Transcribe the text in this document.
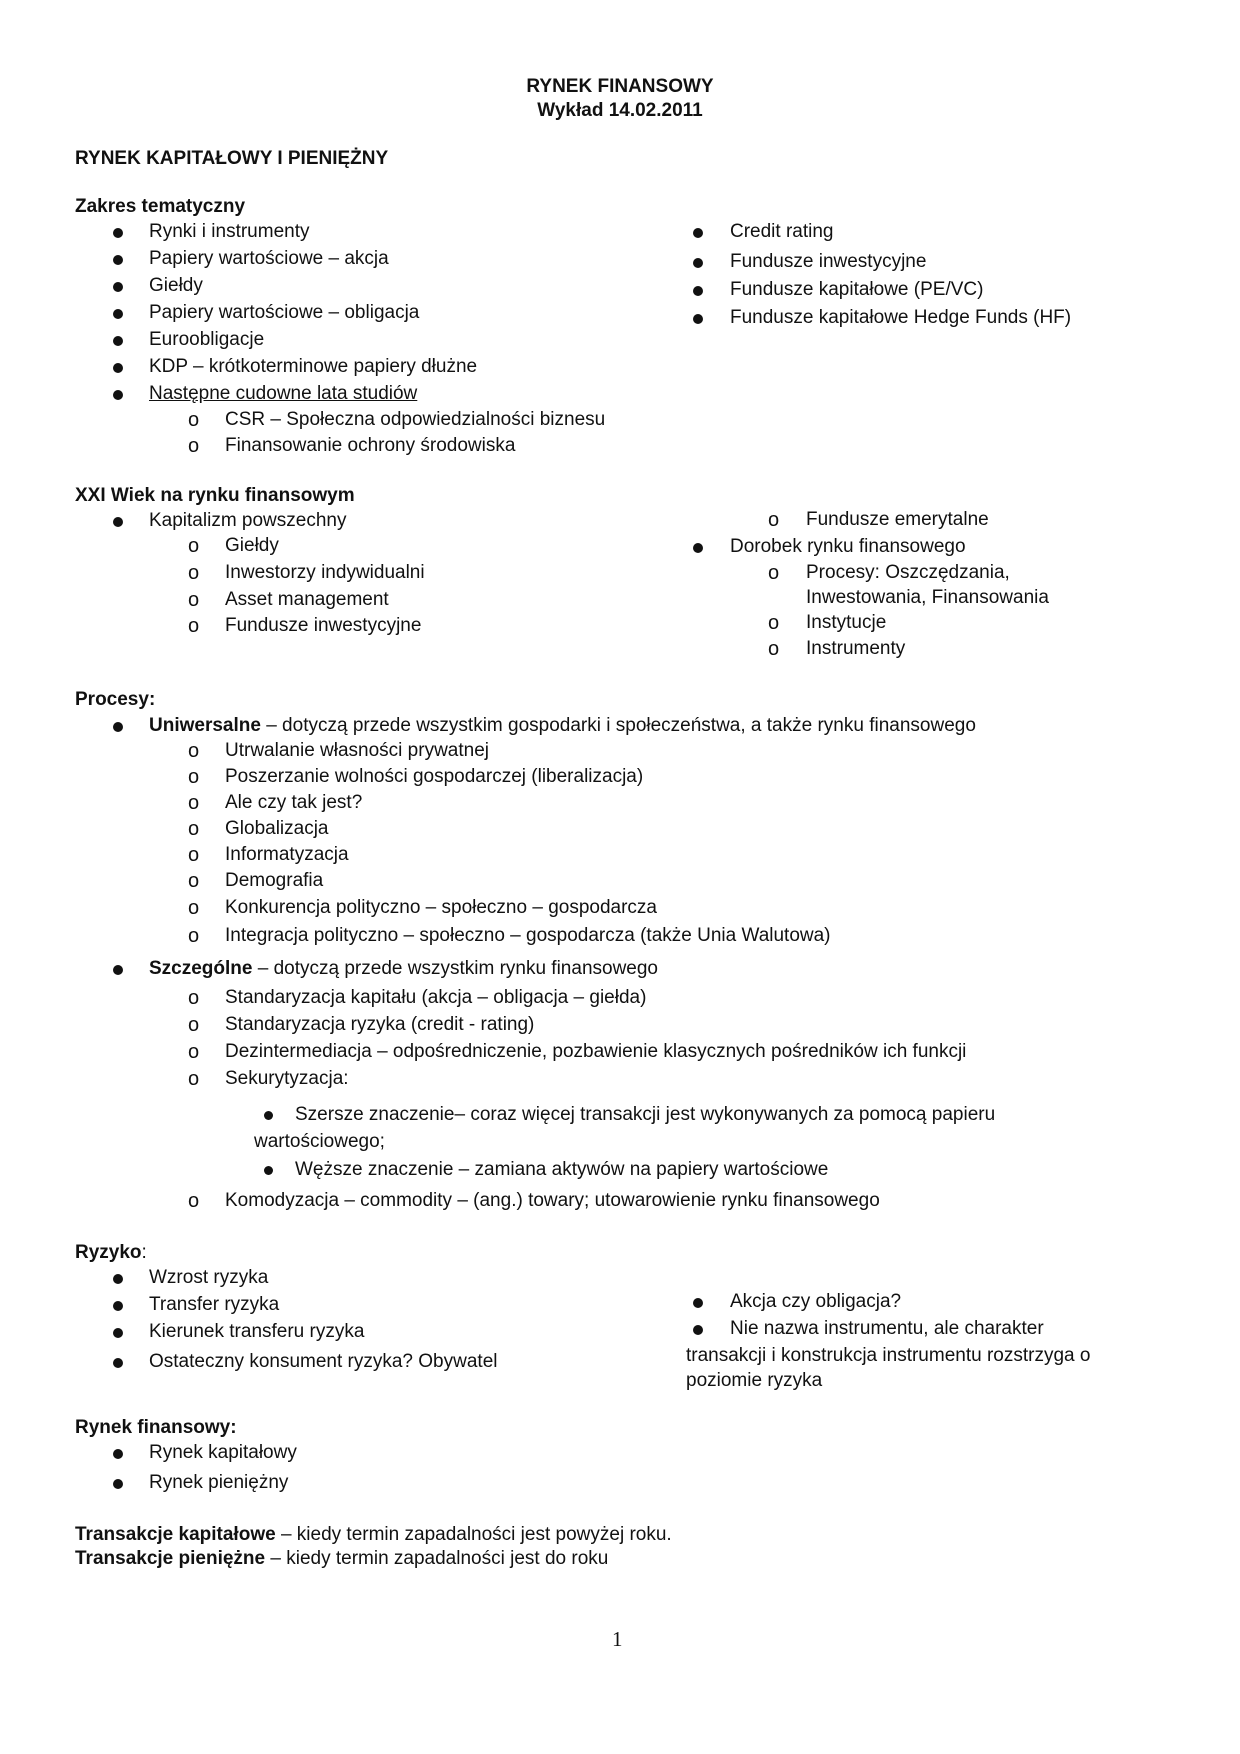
RYNEK FINANSOWY
Wykład 14.02.2011
RYNEK KAPITAŁOWY I PIENIĘŻNY
Zakres tematyczny
Rynki i instrumenty
Papiery wartościowe – akcja
Giełdy
Papiery wartościowe – obligacja
Euroobligacje
KDP – krótkoterminowe papiery dłużne
Następne cudowne lata studiów
o CSR – Społeczna odpowiedzialności biznesu
o Finansowanie ochrony środowiska
Credit rating
Fundusze inwestycyjne
Fundusze kapitałowe (PE/VC)
Fundusze kapitałowe Hedge Funds (HF)
XXI Wiek na rynku finansowym
Kapitalizm powszechny
o Giełdy
o Inwestorzy indywidualni
o Asset management
o Fundusze inwestycyjne
o Fundusze emerytalne
Dorobek rynku finansowego
o Procesy: Oszczędzania,
Inwestowania, Finansowania
o Instytucje
o Instrumenty
Procesy:
Uniwersalne – dotyczą przede wszystkim gospodarki i społeczeństwa, a także rynku finansowego
o Utrwalanie własności prywatnej
o Poszerzanie wolności gospodarczej (liberalizacja)
o Ale czy tak jest?
o Globalizacja
o Informatyzacja
o Demografia
o Konkurencja polityczno – społeczno – gospodarcza
o Integracja polityczno – społeczno – gospodarcza (także Unia Walutowa)
Szczególne – dotyczą przede wszystkim rynku finansowego
o Standaryzacja kapitału (akcja – obligacja – giełda)
o Standaryzacja ryzyka (credit - rating)
o Dezintermediacja – odpośredniczenie, pozbawienie klasycznych pośredników ich funkcji
o Sekurytyzacja:
Szersze znaczenie– coraz więcej transakcji jest wykonywanych za pomocą papieru
wartościowego;
Węższe znaczenie – zamiana aktywów na papiery wartościowe
o Komodyzacja – commodity – (ang.) towary; utowarowienie rynku finansowego
Ryzyko:
Wzrost ryzyka
Transfer ryzyka
Kierunek transferu ryzyka
Ostateczny konsument ryzyka? Obywatel
Akcja czy obligacja?
Nie nazwa instrumentu, ale charakter
transakcji i konstrukcja instrumentu rozstrzyga o
poziomie ryzyka
Rynek finansowy:
Rynek kapitałowy
Rynek pieniężny
Transakcje kapitałowe – kiedy termin zapadalności jest powyżej roku.
Transakcje pieniężne – kiedy termin zapadalności jest do roku
1
